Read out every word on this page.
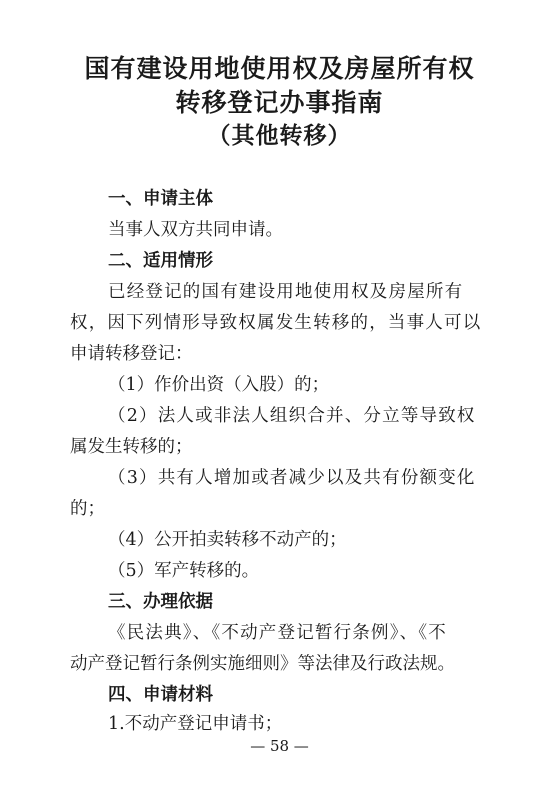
国有建设用地使用权及房屋所有权
转移登记办事指南
（其他转移）

一、申请主体

当事人双方共同申请。

二、适用情形

已经登记的国有建设用地使用权及房屋所有

权，因下列情形导致权属发生转移的，当事人可以

申请转移登记：

（1）作价出资（入股）的；

（2）法人或非法人组织合并、分立等导致权

属发生转移的；

（3）共有人增加或者减少以及共有份额变化

的；

（4）公开拍卖转移不动产的；

（5）军产转移的。

三、办理依据

《民法典》、《不动产登记暂行条例》、《不

动产登记暂行条例实施细则》等法律及行政法规。

四、申请材料

1.不动产登记申请书；

— 58 —
